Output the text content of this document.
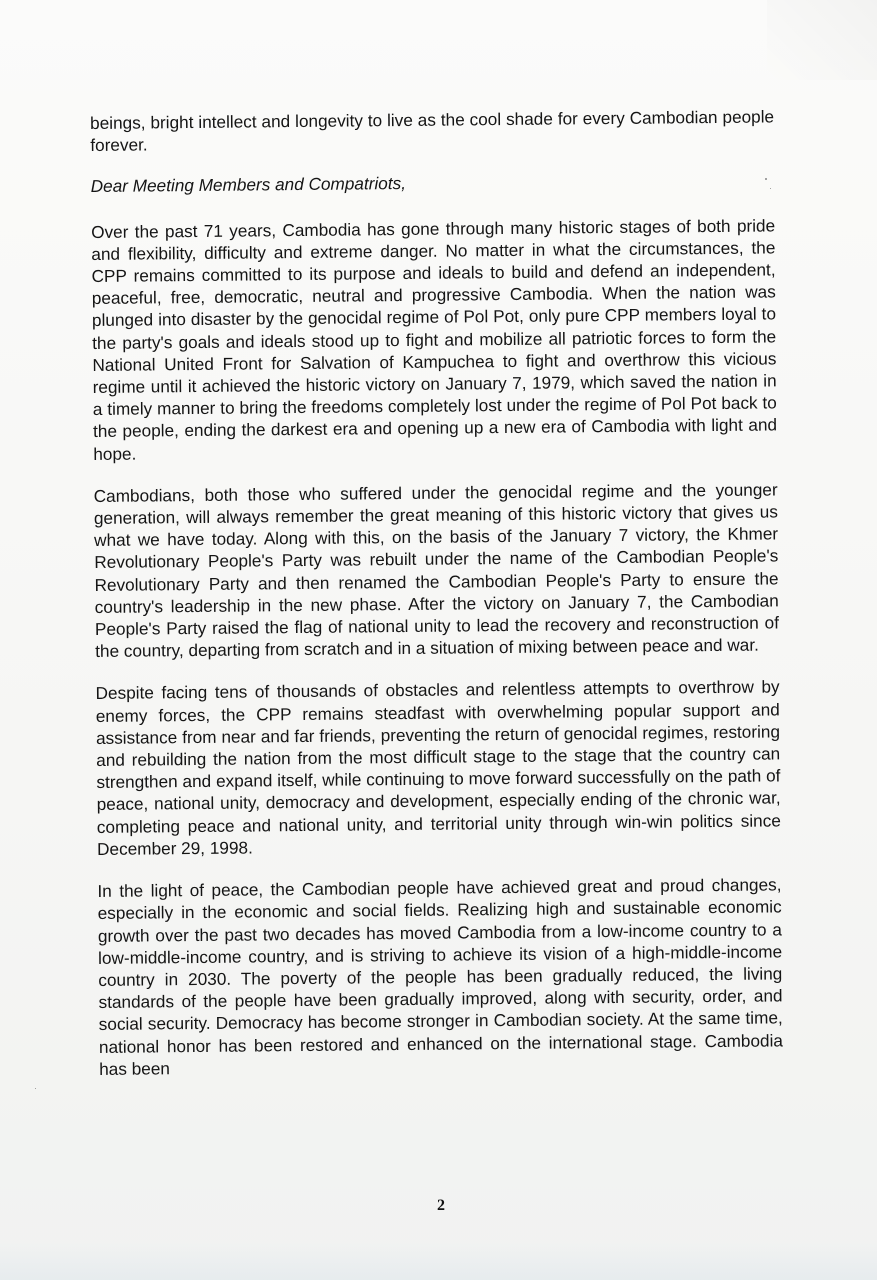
beings, bright intellect and longevity to live as the cool shade for every Cambodian people forever.

Dear Meeting Members and Compatriots,

Over the past 71 years, Cambodia has gone through many historic stages of both pride and flexibility, difficulty and extreme danger. No matter in what the circumstances, the CPP remains committed to its purpose and ideals to build and defend an independent, peaceful, free, democratic, neutral and progressive Cambodia. When the nation was plunged into disaster by the genocidal regime of Pol Pot, only pure CPP members loyal to the party's goals and ideals stood up to fight and mobilize all patriotic forces to form the National United Front for Salvation of Kampuchea to fight and overthrow this vicious regime until it achieved the historic victory on January 7, 1979, which saved the nation in a timely manner to bring the freedoms completely lost under the regime of Pol Pot back to the people, ending the darkest era and opening up a new era of Cambodia with light and hope.

Cambodians, both those who suffered under the genocidal regime and the younger generation, will always remember the great meaning of this historic victory that gives us what we have today. Along with this, on the basis of the January 7 victory, the Khmer Revolutionary People's Party was rebuilt under the name of the Cambodian People's Revolutionary Party and then renamed the Cambodian People's Party to ensure the country's leadership in the new phase. After the victory on January 7, the Cambodian People's Party raised the flag of national unity to lead the recovery and reconstruction of the country, departing from scratch and in a situation of mixing between peace and war.

Despite facing tens of thousands of obstacles and relentless attempts to overthrow by enemy forces, the CPP remains steadfast with overwhelming popular support and assistance from near and far friends, preventing the return of genocidal regimes, restoring and rebuilding the nation from the most difficult stage to the stage that the country can strengthen and expand itself, while continuing to move forward successfully on the path of peace, national unity, democracy and development, especially ending of the chronic war, completing peace and national unity, and territorial unity through win-win politics since December 29, 1998.

In the light of peace, the Cambodian people have achieved great and proud changes, especially in the economic and social fields. Realizing high and sustainable economic growth over the past two decades has moved Cambodia from a low-income country to a low-middle-income country, and is striving to achieve its vision of a high-middle-income country in 2030. The poverty of the people has been gradually reduced, the living standards of the people have been gradually improved, along with security, order, and social security. Democracy has become stronger in Cambodian society. At the same time, national honor has been restored and enhanced on the international stage. Cambodia has been

2
